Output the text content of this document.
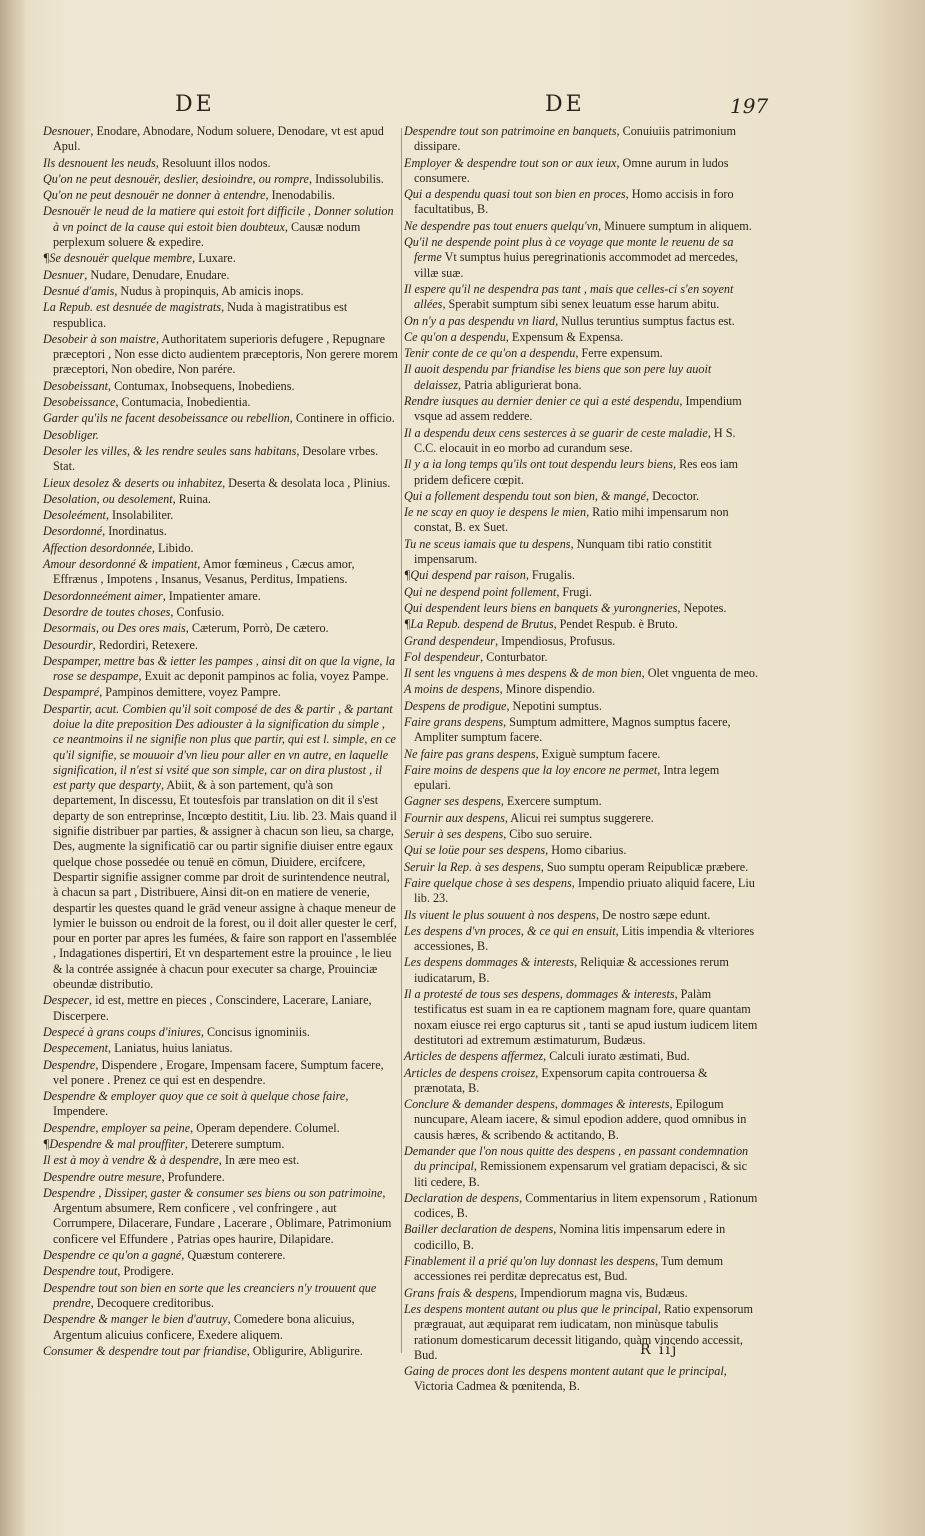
DE	DE	197
Desnouer, Enodare, Abnodare, Nodum soluere, Denodare, vt est apud Apul.
Ils desnouent les neuds, Resoluunt illos nodos.
Qu'on ne peut desnouër, deslier, desioindre, ou rompre, Indissolubilis.
Qu'on ne peut desnouër ne donner à entendre, Inenodabilis.
Desnouër le neud de la matiere qui estoit fort difficile , Donner solution à vn poinct de la cause qui estoit bien doubteux, Causæ nodum perplexum soluere & expedire.
¶Se desnouër quelque membre, Luxare.
Desnuer, Nudare, Denudare, Enudare.
Desnué d'amis, Nudus à propinquis, Ab amicis inops.
La Repub. est desnuée de magistrats, Nuda à magistratibus est respublica.
Desobeir à son maistre, Authoritatem superioris defugere , Repugnare præceptori , Non esse dicto audientem præceptoris, Non gerere morem præceptori, Non obedire, Non parére.
Desobeissant, Contumax, Inobsequens, Inobediens.
Desobeissance, Contumacia, Inobedientia.
Garder qu'ils ne facent desobeissance ou rebellion, Continere in officio.
Desobliger.
Desoler les villes, & les rendre seules sans habitans, Desolare vrbes. Stat.
Lieux desolez & deserts ou inhabitez, Deserta & desolata loca , Plinius.
Desolation, ou desolement, Ruina.
Desoleément, Insolabiliter.
Desordonné, Inordinatus.
Affection desordonnée, Libido.
Amour desordonné & impatient, Amor fœmineus , Cæcus amor, Effrænus , Impotens , Insanus, Vesanus, Perditus, Impatiens.
Desordonneément aimer, Impatienter amare.
Desordre de toutes choses, Confusio.
Desormais, ou Des ores mais, Cæterum, Porrò, De cætero.
Desourdir, Redordiri, Retexere.
Despamper, mettre bas & ietter les pampes , ainsi dit on que la vigne, la rose se despampe, Exuit ac deponit pampinos ac folia, voyez Pampe.
Despampré, Pampinos demittere, voyez Pampre.
Despartir, acut. Combien qu'il soit composé de des & partir , & partant doiue la dite preposition Des adiouster à la signification du simple , ce neantmoins il ne signifie non plus que partir, qui est l. simple, en ce qu'il signifie, se mouuoir d'vn lieu pour aller en vn autre, en laquelle signification, il n'est si vsité que son simple, car on dira plustost , il est party que desparty, Abiit, & à son partement, qu'à son departement, In discessu, Et toutesfois par translation on dit il s'est departy de son entreprinse, Incœpto destitit, Liu. lib. 23. Mais quand il signifie distribuer par parties, & assigner à chacun son lieu, sa charge, Des, augmente la significatiō car ou partir signifie diuiser entre egaux quelque chose possedée ou tenuë en cōmun, Diuidere, ercifcere, Despartir signifie assigner comme par droit de surintendence neutral, à chacun sa part , Distribuere, Ainsi dit-on en matiere de venerie, despartir les questes quand le grād veneur assigne à chaque meneur de lymier le buisson ou endroit de la forest, ou il doit aller quester le cerf, pour en porter par apres les fumées, & faire son rapport en l'assemblée , Indagationes dispertiri, Et vn despartement estre la prouince , le lieu & la contrée assignée à chacun pour executer sa charge, Prouinciæ obeundæ distributio.
Despecer, id est, mettre en pieces , Conscindere, Lacerare, Laniare, Discerpere.
Despecé à grans coups d'iniures, Concisus ignominiis.
Despecement, Laniatus, huius laniatus.
Despendre, Dispendere , Erogare, Impensam facere, Sumptum facere, vel ponere . Prenez ce qui est en despendre.
Despendre & employer quoy que ce soit à quelque chose faire, Impendere.
Despendre, employer sa peine, Operam dependere. Columel.
¶Despendre & mal prouffiter, Deterere sumptum.
Il est à moy à vendre & à despendre, In ære meo est.
Despendre outre mesure, Profundere.
Despendre , Dissiper, gaster & consumer ses biens ou son patrimoine, Argentum absumere, Rem conficere , vel confringere , aut Corrumpere, Dilacerare, Fundare , Lacerare , Oblimare, Patrimonium conficere vel Effundere , Patrias opes haurire, Dilapidare.
Despendre ce qu'on a gagné, Quæstum conterere.
Despendre tout, Prodigere.
Despendre tout son bien en sorte que les creanciers n'y trouuent que prendre, Decoquere creditoribus.
Despendre & manger le bien d'autruy, Comedere bona alicuius, Argentum alicuius conficere, Exedere aliquem.
Consumer & despendre tout par friandise, Obligurire, Abligurire.
Despendre tout son patrimoine en banquets, Conuiuiis patrimonium dissipare.
Employer & despendre tout son or aux ieux, Omne aurum in ludos consumere.
Qui a despendu quasi tout son bien en proces, Homo accisis in foro facultatibus, B.
Ne despendre pas tout enuers quelqu'vn, Minuere sumptum in aliquem.
Qu'il ne despende point plus à ce voyage que monte le reuenu de sa ferme Vt sumptus huius peregrinationis accommodet ad mercedes, villæ suæ.
Il espere qu'il ne despendra pas tant , mais que celles-ci s'en soyent allées, Sperabit sumptum sibi senex leuatum esse harum abitu.
On n'y a pas despendu vn liard, Nullus teruntius sumptus factus est.
Ce qu'on a despendu, Expensum & Expensa.
Tenir conte de ce qu'on a despendu, Ferre expensum.
Il auoit despendu par friandise les biens que son pere luy auoit delaissez, Patria abligurierat bona.
Rendre iusques au dernier denier ce qui a esté despendu, Impendium vsque ad assem reddere.
Il a despendu deux cens sesterces à se guarir de ceste maladie, H S. C.C. elocauit in eo morbo ad curandum sese.
Il y a ia long temps qu'ils ont tout despendu leurs biens, Res eos iam pridem deficere cœpit.
Qui a follement despendu tout son bien, & mangé, Decoctor.
Ie ne scay en quoy ie despens le mien, Ratio mihi impensarum non constat, B. ex Suet.
Tu ne sceus iamais que tu despens, Nunquam tibi ratio constitit impensarum.
¶Qui despend par raison, Frugalis.
Qui ne despend point follement, Frugi.
Qui despendent leurs biens en banquets & yurongneries, Nepotes.
¶La Repub. despend de Brutus, Pendet Respub. è Bruto.
Grand despendeur, Impendiosus, Profusus.
Fol despendeur, Conturbator.
Il sent les vnguens à mes despens & de mon bien, Olet vnguenta de meo.
A moins de despens, Minore dispendio.
Despens de prodigue, Nepotini sumptus.
Faire grans despens, Sumptum admittere, Magnos sumptus facere, Ampliter sumptum facere.
Ne faire pas grans despens, Exiguè sumptum facere.
Faire moins de despens que la loy encore ne permet, Intra legem epulari.
Gagner ses despens, Exercere sumptum.
Fournir aux despens, Alicui rei sumptus suggerere.
Seruir à ses despens, Cibo suo seruire.
Qui se loüe pour ses despens, Homo cibarius.
Seruir la Rep. à ses despens, Suo sumptu operam Reipublicæ præbere.
Faire quelque chose à ses despens, Impendio priuato aliquid facere, Liu lib. 23.
Ils viuent le plus souuent à nos despens, De nostro sæpe edunt.
Les despens d'vn proces, & ce qui en ensuit, Litis impendia & vlteriores accessiones, B.
Les despens dommages & interests, Reliquiæ & accessiones rerum iudicatarum, B.
Il a protesté de tous ses despens, dommages & interests, Palàm testificatus est suam in ea re captionem magnam fore, quare quantam noxam eiusce rei ergo capturus sit , tanti se apud iustum iudicem litem destitutori ad extremum æstimaturum, Budæus.
Articles de despens affermez, Calculi iurato æstimati, Bud.
Articles de despens croisez, Expensorum capita controuersa & prænotata, B.
Conclure & demander despens, dommages & interests, Epilogum nuncupare, Aleam iacere, & simul epodion addere, quod omnibus in causis hæres, & scribendo & actitando, B.
Demander que l'on nous quitte des despens , en passant condemnation du principal, Remissionem expensarum vel gratiam depacisci, & sic liti cedere, B.
Declaration de despens, Commentarius in litem expensorum , Rationum codices, B.
Bailler declaration de despens, Nomina litis impensarum edere in codicillo, B.
Finablement il a prié qu'on luy donnast les despens, Tum demum accessiones rei perditæ deprecatus est, Bud.
Grans frais & despens, Impendiorum magna vis, Budæus.
Les despens montent autant ou plus que le principal, Ratio expensorum prægrauat, aut æquiparat rem iudicatam, non minùsque tabulis rationum domesticarum decessit litigando, quàm vincendo accessit, Bud.
Gaing de proces dont les despens montent autant que le principal, Victoria Cadmea & pœnitenda, B.
R iij
